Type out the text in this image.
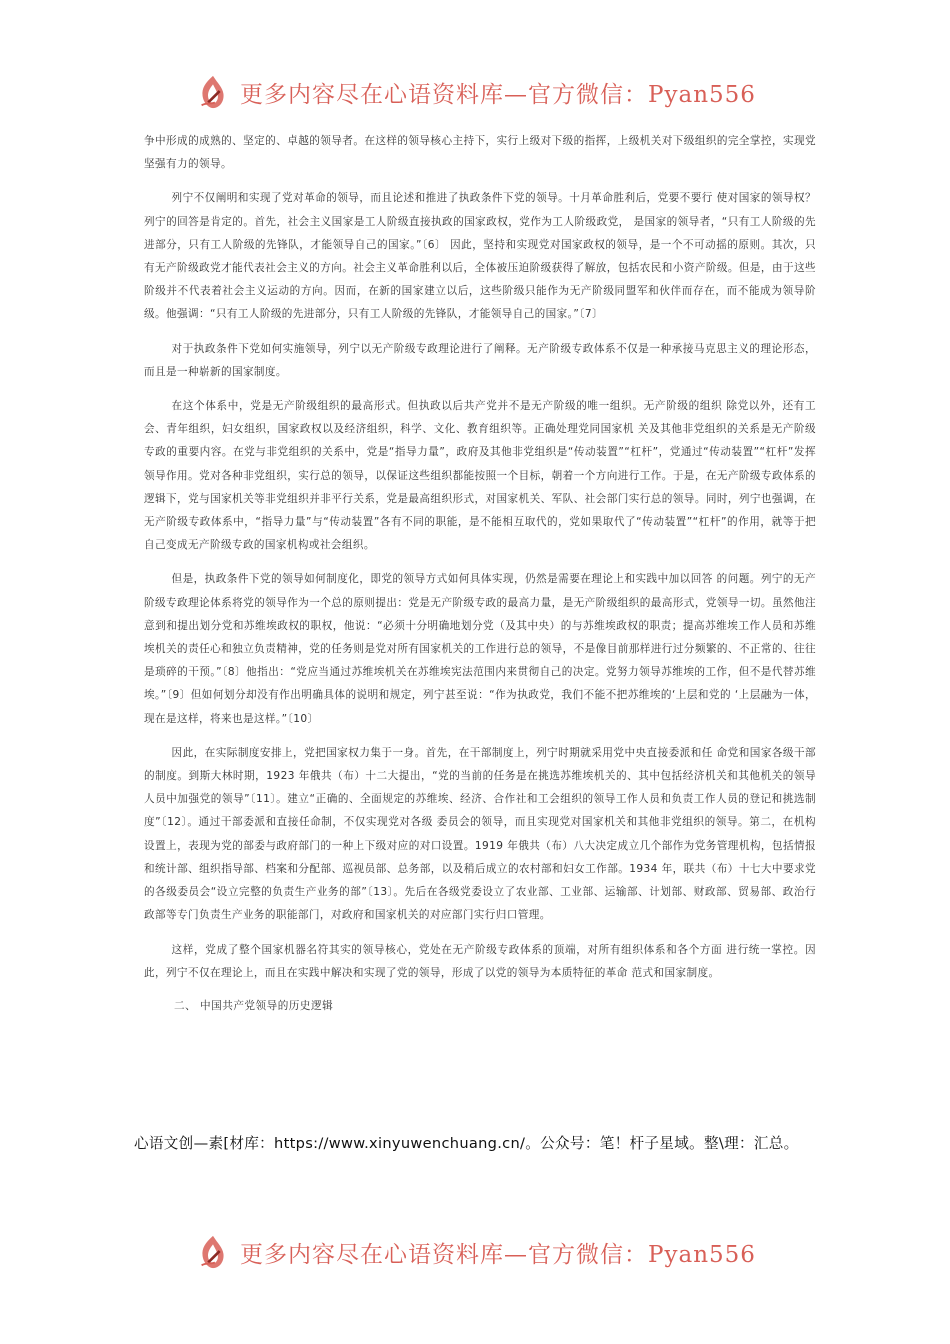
更多内容尽在心语资料库—官方微信：Pyan556

争中形成的成熟的、坚定的、卓越的领导者。在这样的领导核心主持下，实行上级对下级的指挥，上级机关对下级组织的完全掌控，实现党坚强有力的领导。

列宁不仅阐明和实现了党对革命的领导，而且论述和推进了执政条件下党的领导。十月革命胜利后，党要不要行 使对国家的领导权？列宁的回答是肯定的。首先，社会主义国家是工人阶级直接执政的国家政权，党作为工人阶级政党， 是国家的领导者，“只有工人阶级的先进部分，只有工人阶级的先锋队，才能领导自己的国家。”〔6〕 因此，坚持和实现党对国家政权的领导，是一个不可动摇的原则。其次，只有无产阶级政党才能代表社会主义的方向。社会主义革命胜利以后，全体被压迫阶级获得了解放，包括农民和小资产阶级。但是，由于这些阶级并不代表着社会主义运动的方向。因而，在新的国家建立以后，这些阶级只能作为无产阶级同盟军和伙伴而存在，而不能成为领导阶级。他强调：“只有工人阶级的先进部分，只有工人阶级的先锋队，才能领导自己的国家。”〔7〕

对于执政条件下党如何实施领导，列宁以无产阶级专政理论进行了阐释。无产阶级专政体系不仅是一种承接马克思主义的理论形态，而且是一种崭新的国家制度。

在这个体系中，党是无产阶级组织的最高形式。但执政以后共产党并不是无产阶级的唯一组织。无产阶级的组织 除党以外，还有工会、青年组织，妇女组织，国家政权以及经济组织，科学、文化、教育组织等。正确处理党同国家机 关及其他非党组织的关系是无产阶级专政的重要内容。在党与非党组织的关系中，党是“指导力量”，政府及其他非党组织是“传动装置”“杠杆”，党通过“传动装置”“杠杆”发挥领导作用。党对各种非党组织，实行总的领导，以保证这些组织都能按照一个目标，朝着一个方向进行工作。于是，在无产阶级专政体系的逻辑下，党与国家机关等非党组织并非平行关系，党是最高组织形式，对国家机关、军队、社会部门实行总的领导。同时，列宁也强调，在无产阶级专政体系中，“指导力量”与“传动装置”各有不同的职能，是不能相互取代的，党如果取代了“传动装置”“杠杆”的作用，就等于把自己变成无产阶级专政的国家机构或社会组织。

但是，执政条件下党的领导如何制度化，即党的领导方式如何具体实现，仍然是需要在理论上和实践中加以回答 的问题。列宁的无产阶级专政理论体系将党的领导作为一个总的原则提出：党是无产阶级专政的最高力量，是无产阶级组织的最高形式，党领导一切。虽然他注意到和提出划分党和苏维埃政权的职权，他说：“必须十分明确地划分党（及其中央）的与苏维埃政权的职责；提高苏维埃工作人员和苏维埃机关的责任心和独立负责精神，党的任务则是党对所有国家机关的工作进行总的领导，不是像目前那样进行过分频繁的、不正常的、往往是琐碎的干预。”〔8〕他指出：“党应当通过苏维埃机关在苏维埃宪法范围内来贯彻自己的决定。党努力领导苏维埃的工作，但不是代替苏维埃。”〔9〕但如何划分却没有作出明确具体的说明和规定，列宁甚至说：“作为执政党，我们不能不把苏维埃的‘上层和党的 ‘上层融为一体， 现在是这样，将来也是这样。”〔10〕

因此，在实际制度安排上，党把国家权力集于一身。首先，在干部制度上，列宁时期就采用党中央直接委派和任 命党和国家各级干部的制度。到斯大林时期，1923 年俄共（布）十二大提出，“党的当前的任务是在挑选苏维埃机关的、其中包括经济机关和其他机关的领导人员中加强党的领导”〔11〕。建立“正确的、全面规定的苏维埃、经济、合作社和工会组织的领导工作人员和负责工作人员的登记和挑选制度”〔12〕。通过干部委派和直接任命制，不仅实现党对各级 委员会的领导，而且实现党对国家机关和其他非党组织的领导。第二，在机构设置上，表现为党的部委与政府部门的一种上下级对应的对口设置。1919 年俄共（布）八大决定成立几个部作为党务管理机构，包括情报和统计部、组织指导部、档案和分配部、巡视员部、总务部，以及稍后成立的农村部和妇女工作部。1934 年，联共（布）十七大中要求党的各级委员会“设立完整的负责生产业务的部”〔13〕。先后在各级党委设立了农业部、工业部、运输部、计划部、财政部、贸易部、政治行政部等专门负责生产业务的职能部门，对政府和国家机关的对应部门实行归口管理。

这样，党成了整个国家机器名符其实的领导核心，党处在无产阶级专政体系的顶端，对所有组织体系和各个方面 进行统一掌控。因此，列宁不仅在理论上，而且在实践中解决和实现了党的领导，形成了以党的领导为本质特征的革命 范式和国家制度。

二、 中国共产党领导的历史逻辑

心语文创—素[材库：https://www.xinyuwenchuang.cn/。公众号：笔！杆子星域。整\理：汇总。

更多内容尽在心语资料库—官方微信：Pyan556
